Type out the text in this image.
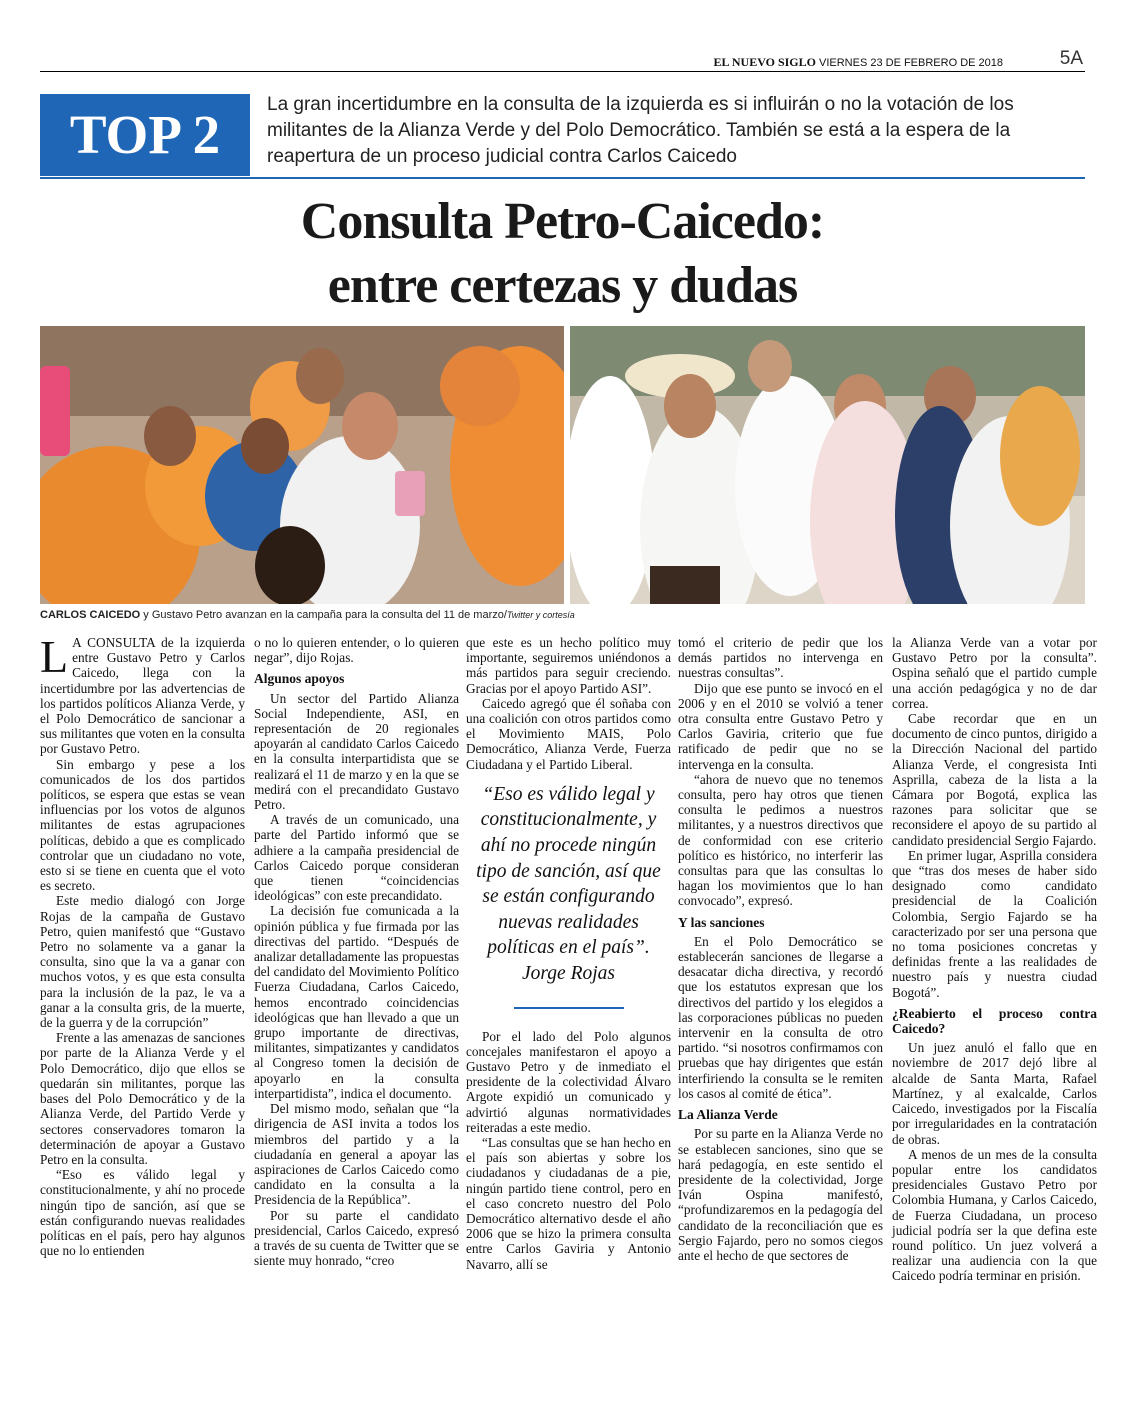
EL NUEVO SIGLO VIERNES 23 DE FEBRERO DE 2018	5A
TOP 2	La gran incertidumbre en la consulta de la izquierda es si influirán o no la votación de los militantes de la Alianza Verde y del Polo Democrático. También se está a la espera de la reapertura de un proceso judicial contra Carlos Caicedo
Consulta Petro-Caicedo:
entre certezas y dudas
CARLOS CAICEDO y Gustavo Petro avanzan en la campaña para la consulta del 11 de marzo/Twitter y cortesía

L A CONSULTA de la izquierda entre Gustavo Petro y Carlos Caicedo, llega con la incertidumbre por las advertencias de los partidos políticos Alianza Verde, y el Polo Democrático de sancionar a sus militantes que voten en la consulta por Gustavo Petro.

Sin embargo y pese a los comunicados de los dos partidos políticos, se espera que estas se vean influencias por los votos de algunos militantes de estas agrupaciones políticas, debido a que es complicado controlar que un ciudadano no vote, esto si se tiene en cuenta que el voto es secreto.

Este medio dialogó con Jorge Rojas de la campaña de Gustavo Petro, quien manifestó que “Gustavo Petro no solamente va a ganar la consulta, sino que la va a ganar con muchos votos, y es que esta consulta para la inclusión de la paz, le va a ganar a la consulta gris, de la muerte, de la guerra y de la corrupción”

Frente a las amenazas de sanciones por parte de la Alianza Verde y el Polo Democrático, dijo que ellos se quedarán sin militantes, porque las bases del Polo Democrático y de la Alianza Verde, del Partido Verde y sectores conservadores tomaron la determinación de apoyar a Gustavo Petro en la consulta.

“Eso es válido legal y constitucionalmente, y ahí no procede ningún tipo de sanción, así que se están configurando nuevas realidades políticas en el país, pero hay algunos que no lo entienden

o no lo quieren entender, o lo quieren negar”, dijo Rojas.

Algunos apoyos

Un sector del Partido Alianza Social Independiente, ASI, en representación de 20 regionales apoyarán al candidato Carlos Caicedo en la consulta interpartidista que se realizará el 11 de marzo y en la que se medirá con el precandidato Gustavo Petro.

A través de un comunicado, una parte del Partido informó que se adhiere a la campaña presidencial de Carlos Caicedo porque consideran que tienen “coincidencias ideológicas” con este precandidato.

La decisión fue comunicada a la opinión pública y fue firmada por las directivas del partido. “Después de analizar detalladamente las propuestas del candidato del Movimiento Político Fuerza Ciudadana, Carlos Caicedo, hemos encontrado coincidencias ideológicas que han llevado a que un grupo importante de directivas, militantes, simpatizantes y candidatos al Congreso tomen la decisión de apoyarlo en la consulta interpartidista”, indica el documento.

Del mismo modo, señalan que “la dirigencia de ASI invita a todos los miembros del partido y a la ciudadanía en general a apoyar las aspiraciones de Carlos Caicedo como candidato en la consulta a la Presidencia de la República”.

Por su parte el candidato presidencial, Carlos Caicedo, expresó a través de su cuenta de Twitter que se siente muy honrado, “creo

que este es un hecho político muy importante, seguiremos uniéndonos a más partidos para seguir creciendo. Gracias por el apoyo Partido ASI”.

Caicedo agregó que él soñaba con una coalición con otros partidos como el Movimiento MAIS, Polo Democrático, Alianza Verde, Fuerza Ciudadana y el Partido Liberal.

“Eso es válido legal y constitucionalmente, y ahí no procede ningún tipo de sanción, así que se están configurando nuevas realidades políticas en el país”.
Jorge Rojas

Por el lado del Polo algunos concejales manifestaron el apoyo a Gustavo Petro y de inmediato el presidente de la colectividad Álvaro Argote expidió un comunicado y advirtió algunas normatividades reiteradas a este medio.

“Las consultas que se han hecho en el país son abiertas y sobre los ciudadanos y ciudadanas de a pie, ningún partido tiene control, pero en el caso concreto nuestro del Polo Democrático alternativo desde el año 2006 que se hizo la primera consulta entre Carlos Gaviria y Antonio Navarro, allí se

tomó el criterio de pedir que los demás partidos no intervenga en nuestras consultas”.

Dijo que ese punto se invocó en el 2006 y en el 2010 se volvió a tener otra consulta entre Gustavo Petro y Carlos Gaviria, criterio que fue ratificado de pedir que no se intervenga en la consulta.

“ahora de nuevo que no tenemos consulta, pero hay otros que tienen consulta le pedimos a nuestros militantes, y a nuestros directivos que de conformidad con ese criterio político es histórico, no interferir las consultas para que las consultas lo hagan los movimientos que lo han convocado”, expresó.

Y las sanciones

En el Polo Democrático se establecerán sanciones de llegarse a desacatar dicha directiva, y recordó que los estatutos expresan que los directivos del partido y los elegidos a las corporaciones públicas no pueden intervenir en la consulta de otro partido. “si nosotros confirmamos con pruebas que hay dirigentes que están interfiriendo la consulta se le remiten los casos al comité de ética”.

La Alianza Verde

Por su parte en la Alianza Verde no se establecen sanciones, sino que se hará pedagogía, en este sentido el presidente de la colectividad, Jorge Iván Ospina manifestó, “profundizaremos en la pedagogía del candidato de la reconciliación que es Sergio Fajardo, pero no somos ciegos ante el hecho de que sectores de

la Alianza Verde van a votar por Gustavo Petro por la consulta”. Ospina señaló que el partido cumple una acción pedagógica y no de dar correa.

Cabe recordar que en un documento de cinco puntos, dirigido a la Dirección Nacional del partido Alianza Verde, el congresista Inti Asprilla, cabeza de la lista a la Cámara por Bogotá, explica las razones para solicitar que se reconsidere el apoyo de su partido al candidato presidencial Sergio Fajardo.

En primer lugar, Asprilla considera que “tras dos meses de haber sido designado como candidato presidencial de la Coalición Colombia, Sergio Fajardo se ha caracterizado por ser una persona que no toma posiciones concretas y definidas frente a las realidades de nuestro país y nuestra ciudad Bogotá”.

¿Reabierto el proceso contra Caicedo?

Un juez anuló el fallo que en noviembre de 2017 dejó libre al alcalde de Santa Marta, Rafael Martínez, y al exalcalde, Carlos Caicedo, investigados por la Fiscalía por irregularidades en la contratación de obras.

A menos de un mes de la consulta popular entre los candidatos presidenciales Gustavo Petro por Colombia Humana, y Carlos Caicedo, de Fuerza Ciudadana, un proceso judicial podría ser la que defina este round político. Un juez volverá a realizar una audiencia con la que Caicedo podría terminar en prisión.
